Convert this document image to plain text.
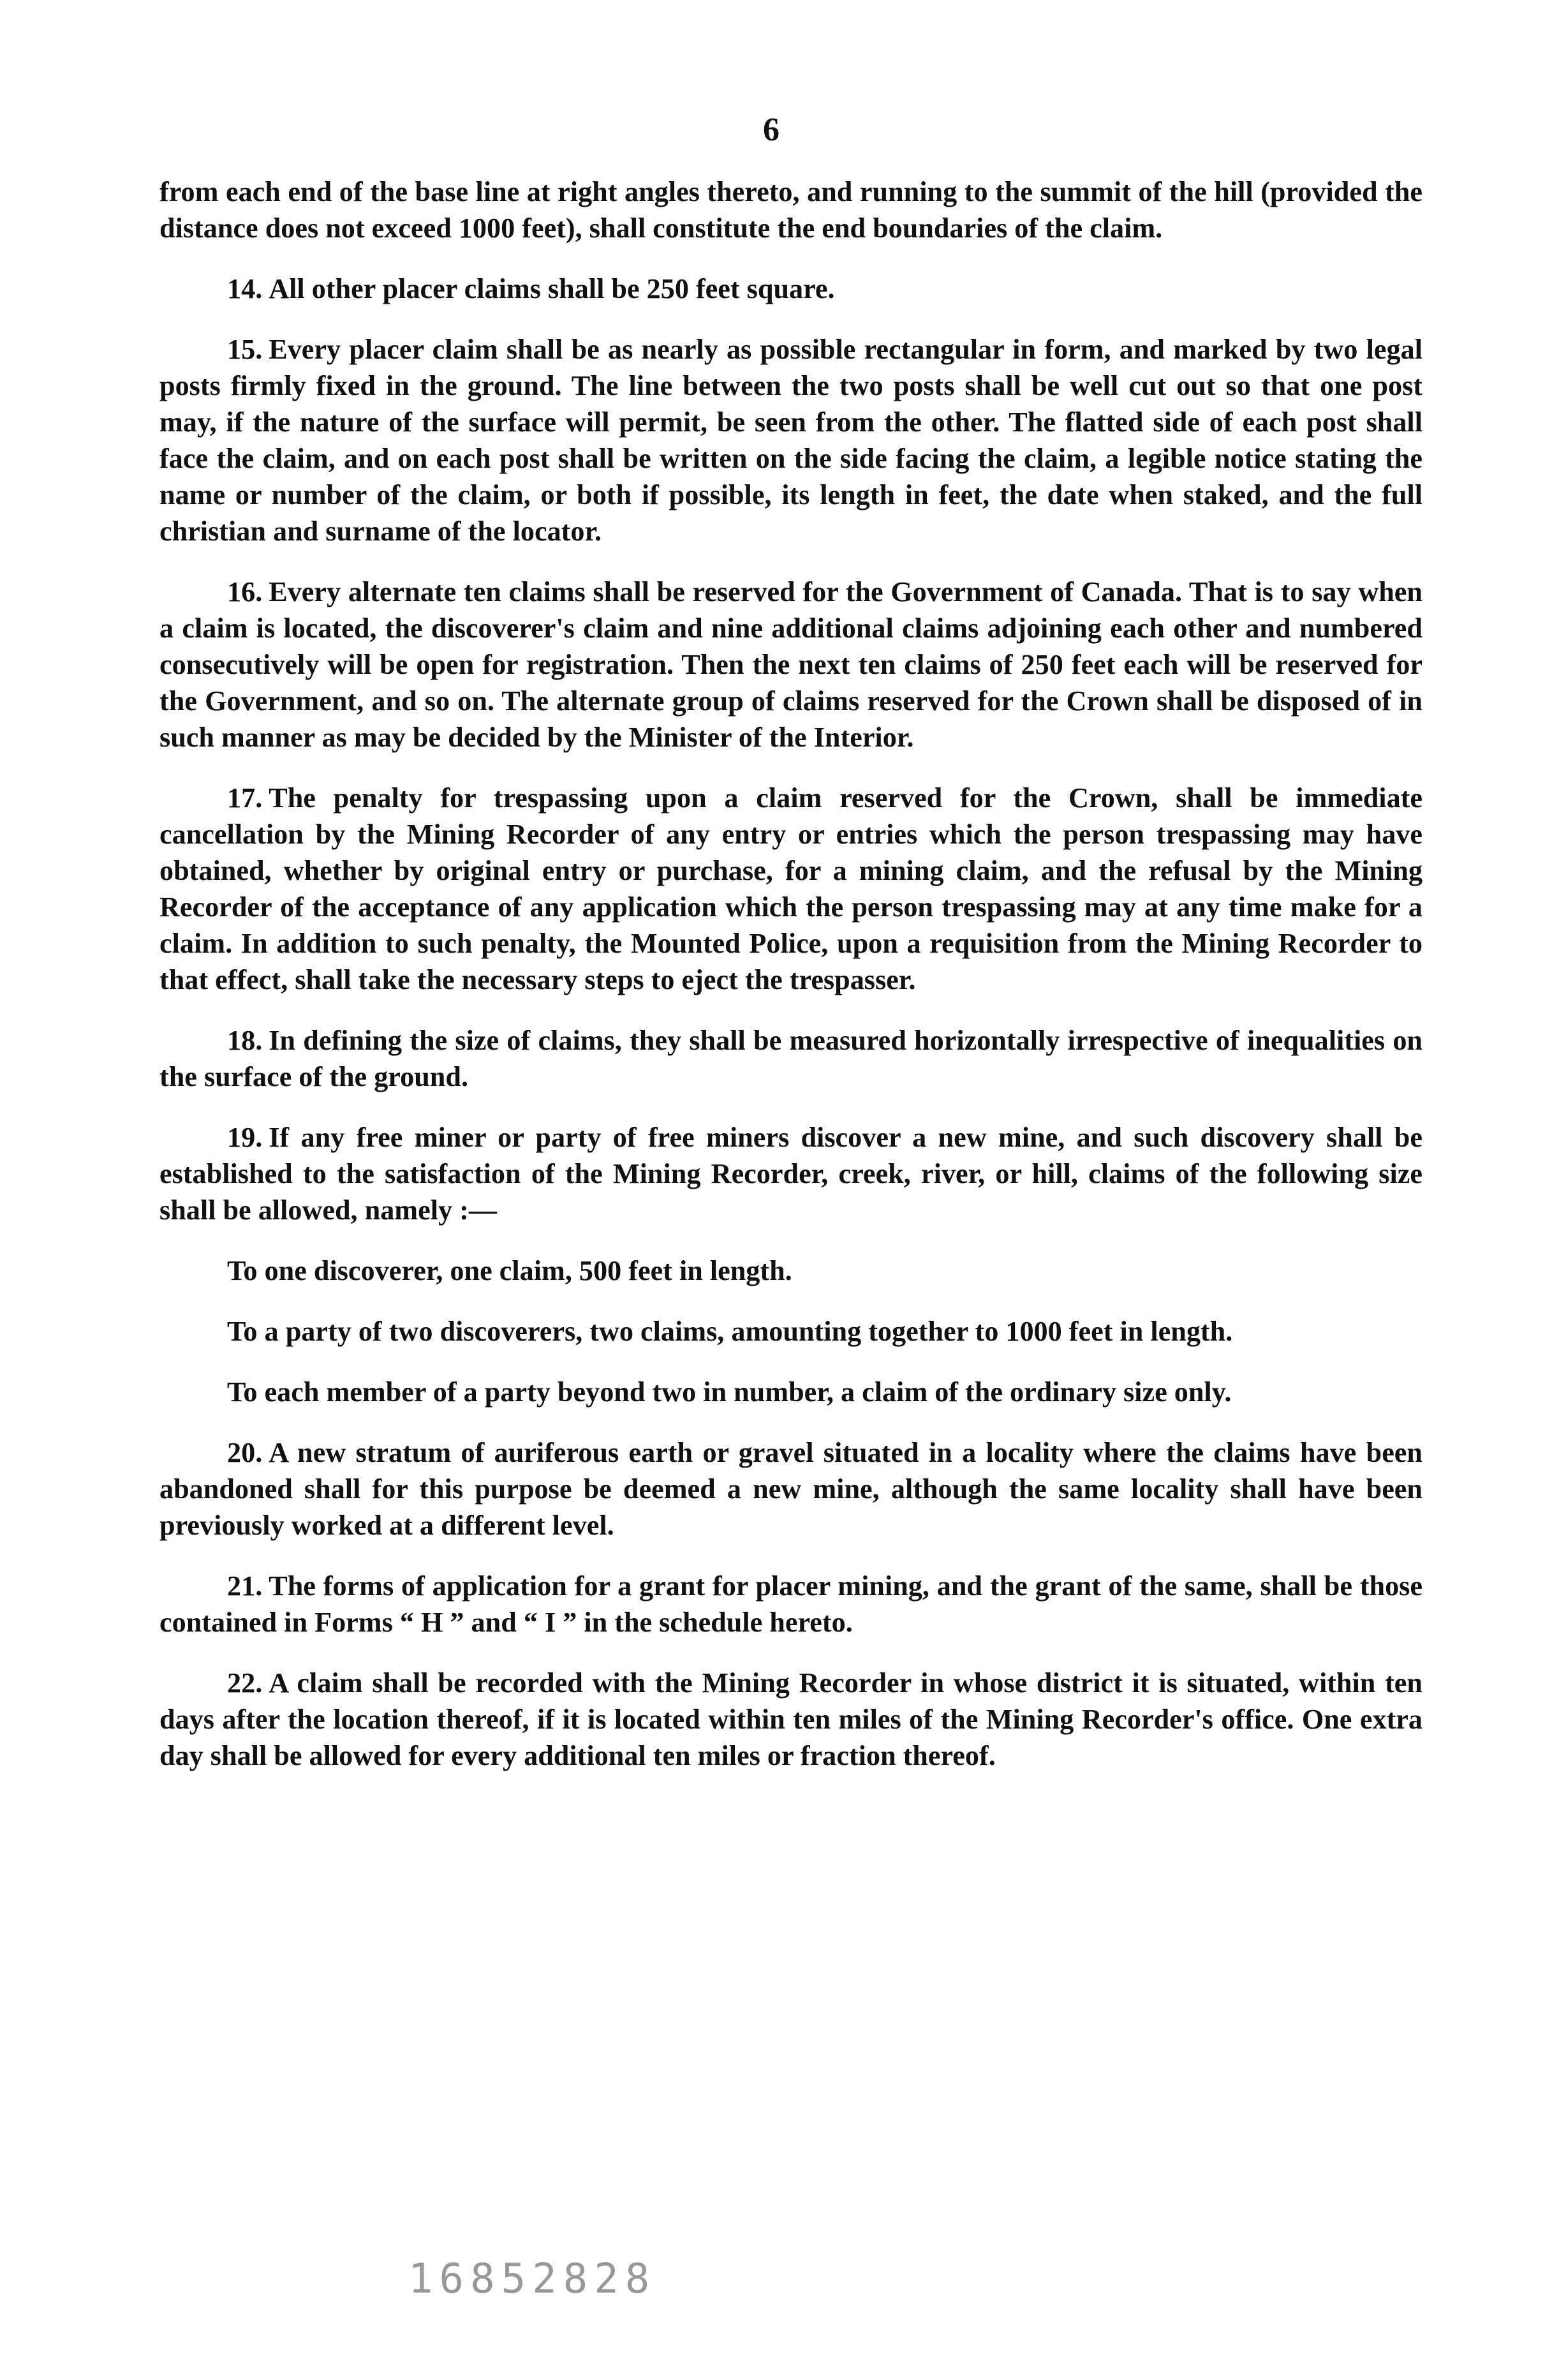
6

from each end of the base line at right angles thereto, and running to the summit of the hill (provided the distance does not exceed 1000 feet), shall constitute the end boundaries of the claim.

14. All other placer claims shall be 250 feet square.

15. Every placer claim shall be as nearly as possible rectangular in form, and marked by two legal posts firmly fixed in the ground. The line between the two posts shall be well cut out so that one post may, if the nature of the surface will permit, be seen from the other. The flatted side of each post shall face the claim, and on each post shall be written on the side facing the claim, a legible notice stating the name or number of the claim, or both if possible, its length in feet, the date when staked, and the full christian and surname of the locator.

16. Every alternate ten claims shall be reserved for the Government of Canada. That is to say when a claim is located, the discoverer's claim and nine additional claims adjoining each other and numbered consecutively will be open for registration. Then the next ten claims of 250 feet each will be reserved for the Government, and so on. The alternate group of claims reserved for the Crown shall be disposed of in such manner as may be decided by the Minister of the Interior.

17. The penalty for trespassing upon a claim reserved for the Crown, shall be immediate cancellation by the Mining Recorder of any entry or entries which the person trespassing may have obtained, whether by original entry or purchase, for a mining claim, and the refusal by the Mining Recorder of the acceptance of any application which the person trespassing may at any time make for a claim. In addition to such penalty, the Mounted Police, upon a requisition from the Mining Recorder to that effect, shall take the necessary steps to eject the trespasser.

18. In defining the size of claims, they shall be measured horizontally irrespective of inequalities on the surface of the ground.

19. If any free miner or party of free miners discover a new mine, and such discovery shall be established to the satisfaction of the Mining Recorder, creek, river, or hill, claims of the following size shall be allowed, namely :—

To one discoverer, one claim, 500 feet in length.

To a party of two discoverers, two claims, amounting together to 1000 feet in length.

To each member of a party beyond two in number, a claim of the ordinary size only.

20. A new stratum of auriferous earth or gravel situated in a locality where the claims have been abandoned shall for this purpose be deemed a new mine, although the same locality shall have been previously worked at a different level.

21. The forms of application for a grant for placer mining, and the grant of the same, shall be those contained in Forms “ H ” and “ I ” in the schedule hereto.

22. A claim shall be recorded with the Mining Recorder in whose district it is situated, within ten days after the location thereof, if it is located within ten miles of the Mining Recorder's office. One extra day shall be allowed for every additional ten miles or fraction thereof.

16852828
